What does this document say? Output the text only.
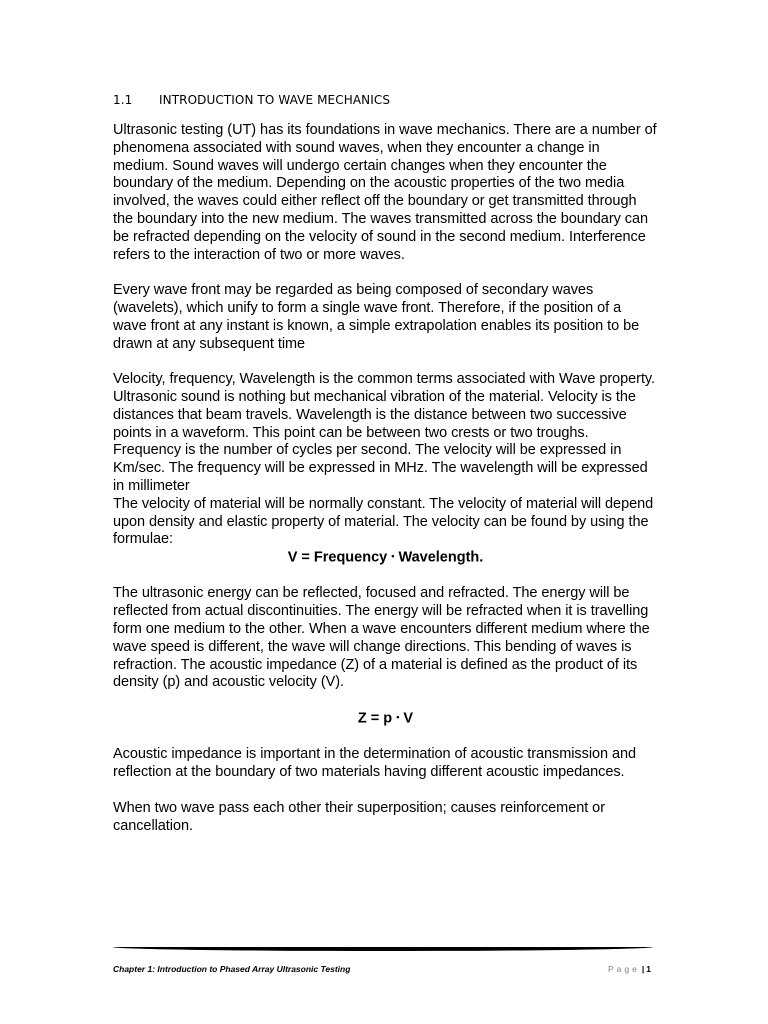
1.1 INTRODUCTION TO WAVE MECHANICS

Ultrasonic testing (UT) has its foundations in wave mechanics. There are a number of phenomena associated with sound waves, when they encounter a change in medium. Sound waves will undergo certain changes when they encounter the boundary of the medium. Depending on the acoustic properties of the two media involved, the waves could either reflect off the boundary or get transmitted through the boundary into the new medium. The waves transmitted across the boundary can be refracted depending on the velocity of sound in the second medium. Interference refers to the interaction of two or more waves.

Every wave front may be regarded as being composed of secondary waves (wavelets), which unify to form a single wave front. Therefore, if the position of a wave front at any instant is known, a simple extrapolation enables its position to be drawn at any subsequent time

Velocity, frequency, Wavelength is the common terms associated with Wave property. Ultrasonic sound is nothing but mechanical vibration of the material. Velocity is the distances that beam travels. Wavelength is the distance between two successive points in a waveform. This point can be between two crests or two troughs. Frequency is the number of cycles per second. The velocity will be expressed in Km/sec. The frequency will be expressed in MHz. The wavelength will be expressed in millimeter

The velocity of material will be normally constant. The velocity of material will depend upon density and elastic property of material. The velocity can be found by using the formulae:

V = Frequency • Wavelength.

The ultrasonic energy can be reflected, focused and refracted. The energy will be reflected from actual discontinuities. The energy will be refracted when it is travelling form one medium to the other. When a wave encounters different medium where the wave speed is different, the wave will change directions. This bending of waves is refraction. The acoustic impedance (Z) of a material is defined as the product of its density (p) and acoustic velocity (V).

Z = p • V

Acoustic impedance is important in the determination of acoustic transmission and reflection at the boundary of two materials having different acoustic impedances.

When two wave pass each other their superposition; causes reinforcement or cancellation.

Chapter 1: Introduction to Phased Array Ultrasonic Testing	Page | 1
